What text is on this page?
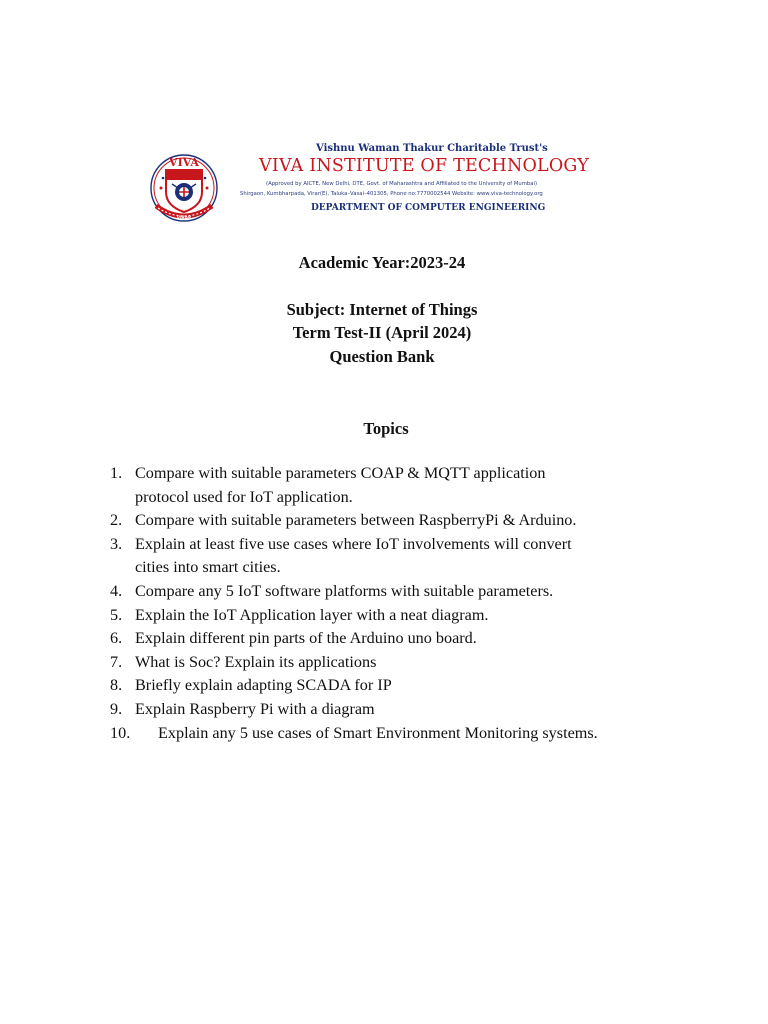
VIVA
VIRAR
Vishnu Waman Thakur Charitable Trust's
VIVA INSTITUTE OF TECHNOLOGY
(Approved by AICTE, New Delhi, DTE, Govt. of Maharashtra and Affiliated to the University of Mumbai)
Shirgaon, Kumbharpada, Virar(E), Taluka–Vasai–401305, Phone no:7770002544 Website: www.viva-technology.org
DEPARTMENT OF COMPUTER ENGINEERING
Academic Year:2023-24
Subject: Internet of Things
Term Test-II (April 2024)
Question Bank
Topics
1. Compare with suitable parameters COAP & MQTT application
protocol used for IoT application.
2. Compare with suitable parameters between RaspberryPi & Arduino.
3. Explain at least five use cases where IoT involvements will convert
cities into smart cities.
4. Compare any 5 IoT software platforms with suitable parameters.
5. Explain the IoT Application layer with a neat diagram.
6. Explain different pin parts of the Arduino uno board.
7. What is Soc? Explain its applications
8. Briefly explain adapting SCADA for IP
9. Explain Raspberry Pi with a diagram
10. Explain any 5 use cases of Smart Environment Monitoring systems.
